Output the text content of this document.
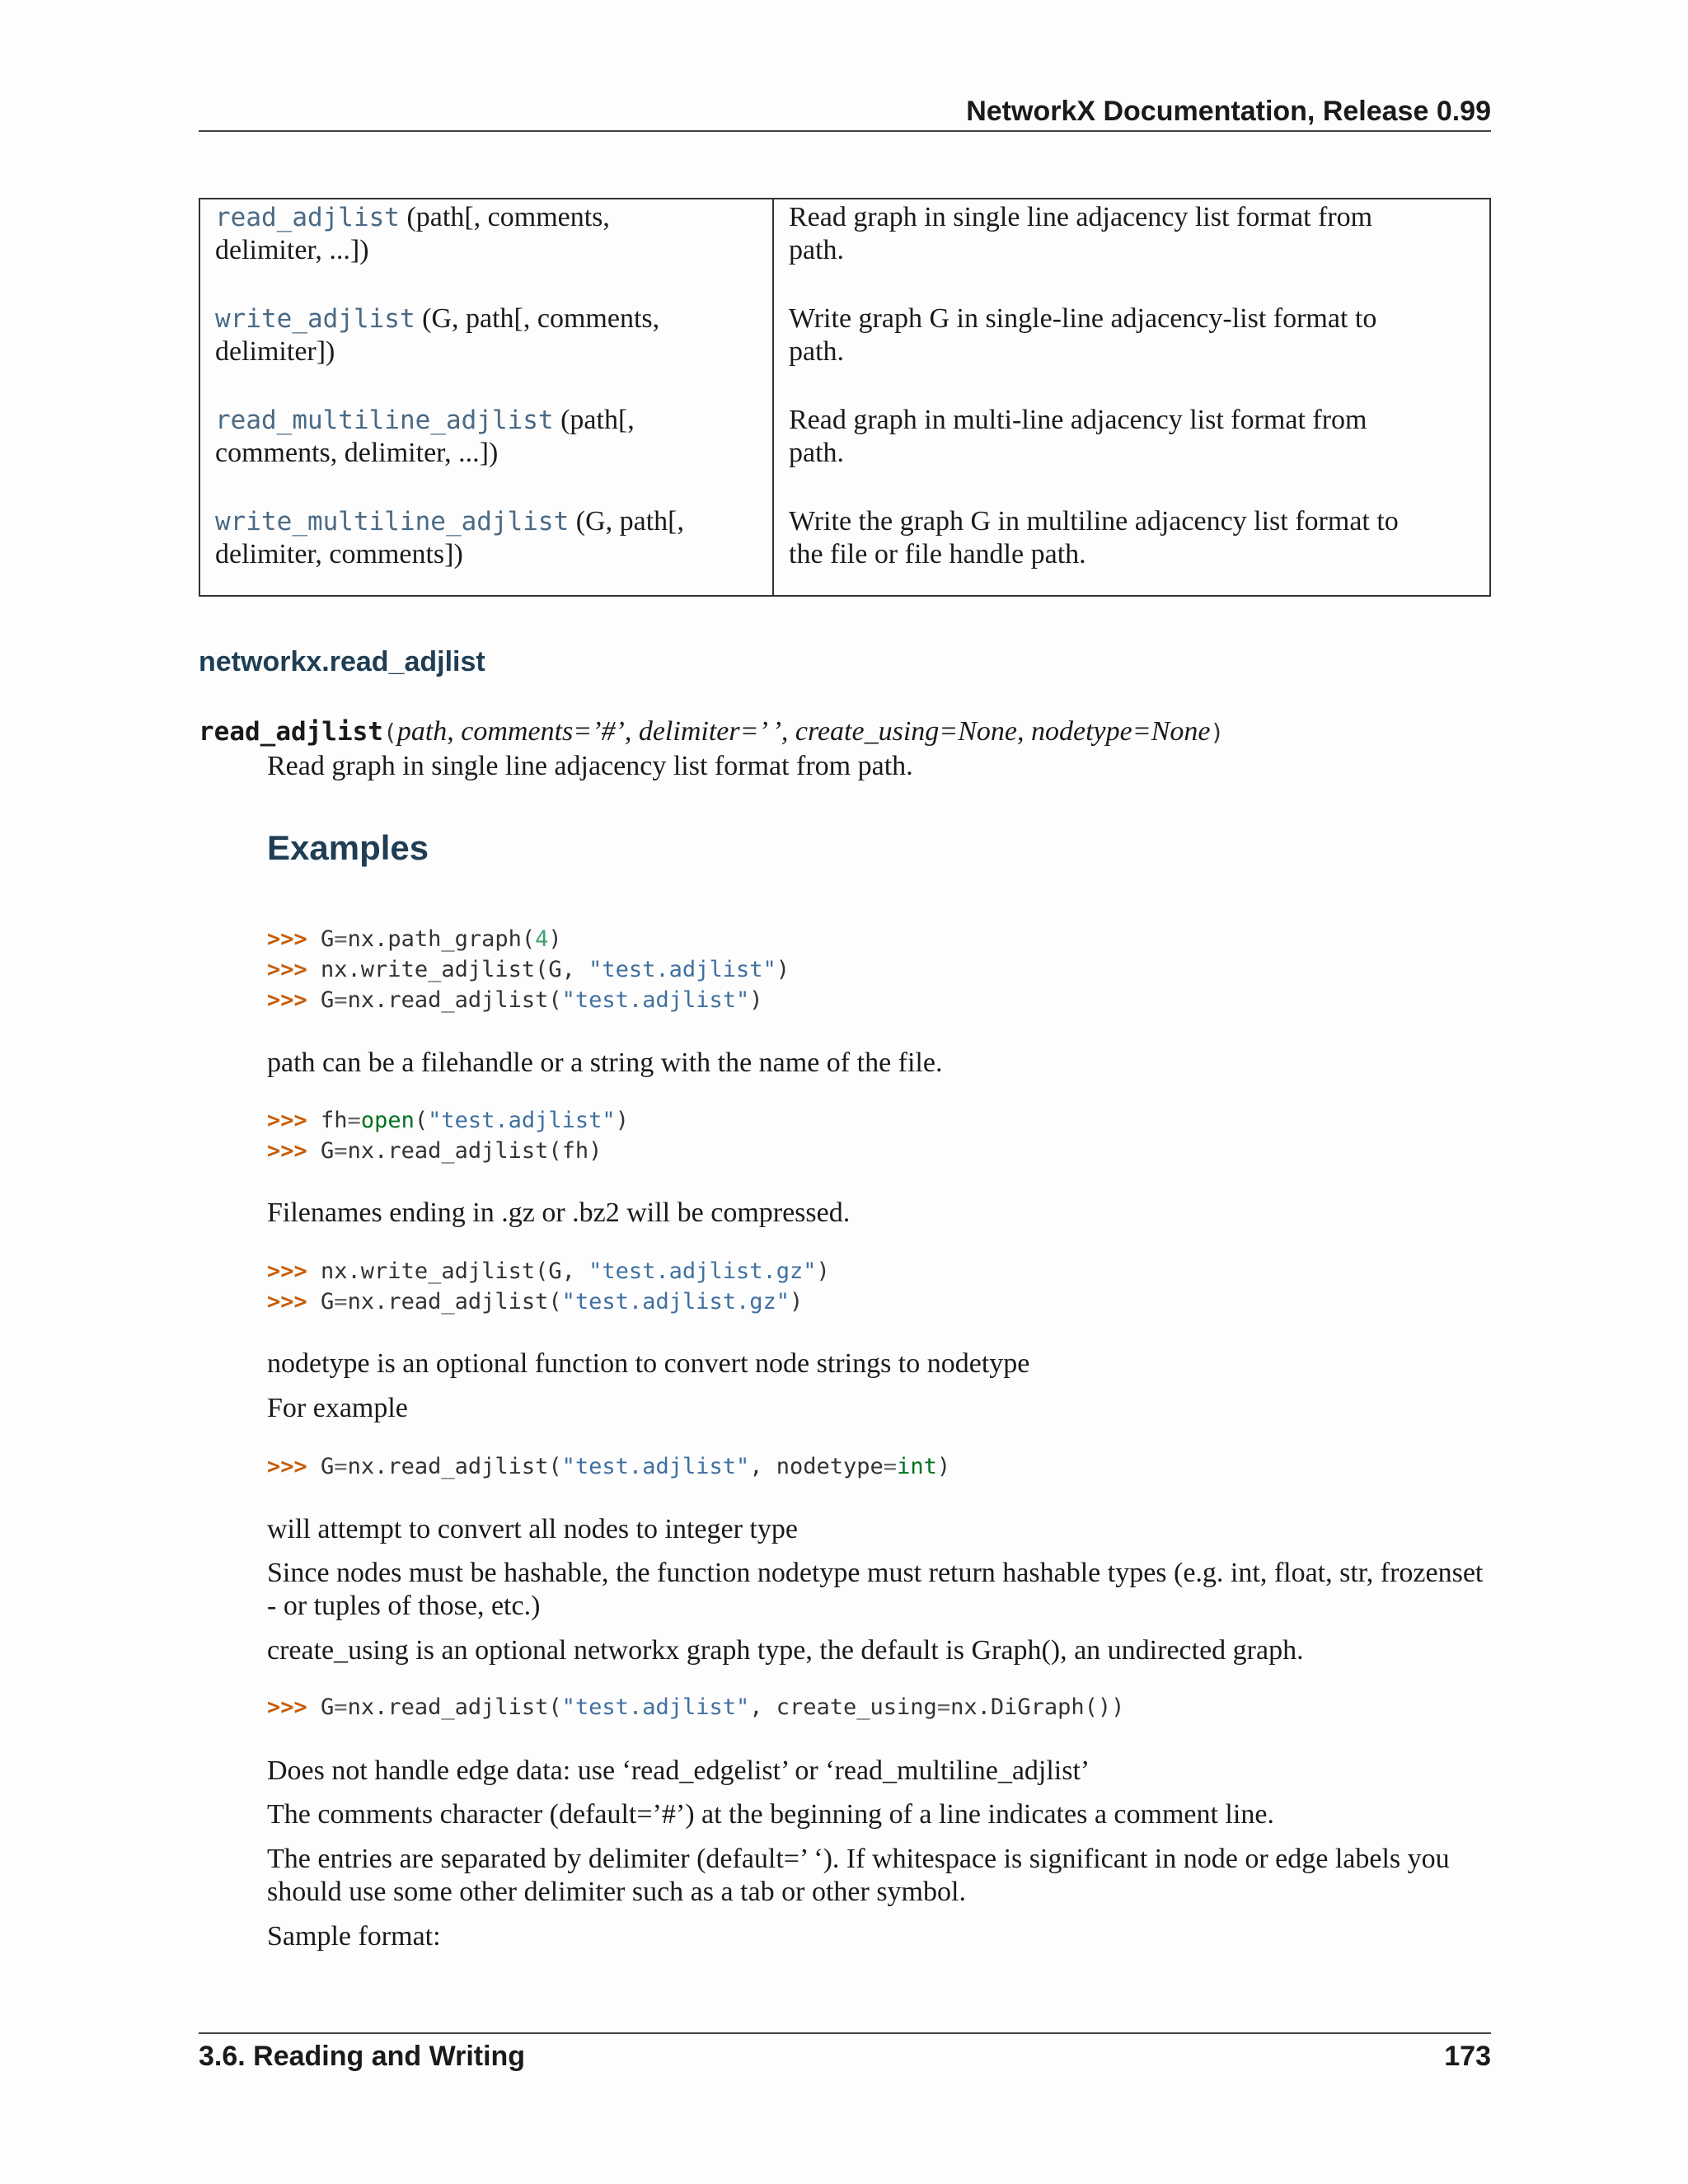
NetworkX Documentation, Release 0.99
read_adjlist (path[, comments,
delimiter, ...])
write_adjlist (G, path[, comments,
delimiter])
read_multiline_adjlist (path[,
comments, delimiter, ...])
write_multiline_adjlist (G, path[,
delimiter, comments])
Read graph in single line adjacency list format from
path.
Write graph G in single-line adjacency-list format to
path.
Read graph in multi-line adjacency list format from
path.
Write the graph G in multiline adjacency list format to
the file or file handle path.
networkx.read_adjlist
read_adjlist(path, comments=’#’, delimiter=’ ’, create_using=None, nodetype=None)

Read graph in single line adjacency list format from path.

Examples
>>> G=nx.path_graph(4)
>>> nx.write_adjlist(G, "test.adjlist")
>>> G=nx.read_adjlist("test.adjlist")

path can be a filehandle or a string with the name of the file.

>>> fh=open("test.adjlist")
>>> G=nx.read_adjlist(fh)

Filenames ending in .gz or .bz2 will be compressed.

>>> nx.write_adjlist(G, "test.adjlist.gz")
>>> G=nx.read_adjlist("test.adjlist.gz")

nodetype is an optional function to convert node strings to nodetype

For example

>>> G=nx.read_adjlist("test.adjlist", nodetype=int)

will attempt to convert all nodes to integer type

Since nodes must be hashable, the function nodetype must return hashable types (e.g. int, float, str, frozenset - or tuples of those, etc.)

create_using is an optional networkx graph type, the default is Graph(), an undirected graph.

>>> G=nx.read_adjlist("test.adjlist", create_using=nx.DiGraph())

Does not handle edge data: use ‘read_edgelist’ or ‘read_multiline_adjlist’

The comments character (default=’#’) at the beginning of a line indicates a comment line.

The entries are separated by delimiter (default=’ ‘). If whitespace is significant in node or edge labels you should use some other delimiter such as a tab or other symbol.

Sample format:

3.6. Reading and Writing	173
